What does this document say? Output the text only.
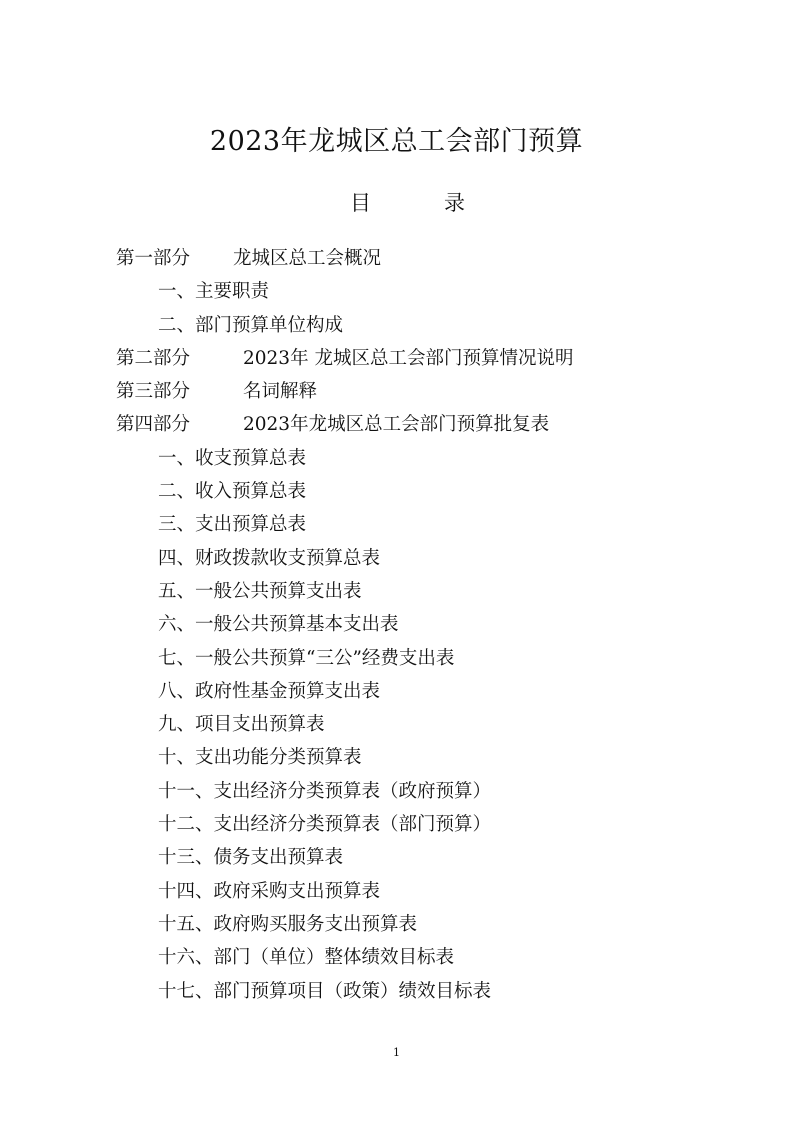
2023年龙城区总工会部门预算
目	录
第一部分 龙城区总工会概况
一、主要职责
二、部门预算单位构成
第二部分	2023年 龙城区总工会部门预算情况说明
第三部分	名词解释
第四部分	2023年龙城区总工会部门预算批复表
一、收支预算总表
二、收入预算总表
三、支出预算总表
四、财政拨款收支预算总表
五、一般公共预算支出表
六、一般公共预算基本支出表
七、一般公共预算“三公”经费支出表
八、政府性基金预算支出表
九、项目支出预算表
十、支出功能分类预算表
十一、支出经济分类预算表（政府预算）
十二、支出经济分类预算表（部门预算）
十三、债务支出预算表
十四、政府采购支出预算表
十五、政府购买服务支出预算表
十六、部门（单位）整体绩效目标表
十七、部门预算项目（政策）绩效目标表
1
